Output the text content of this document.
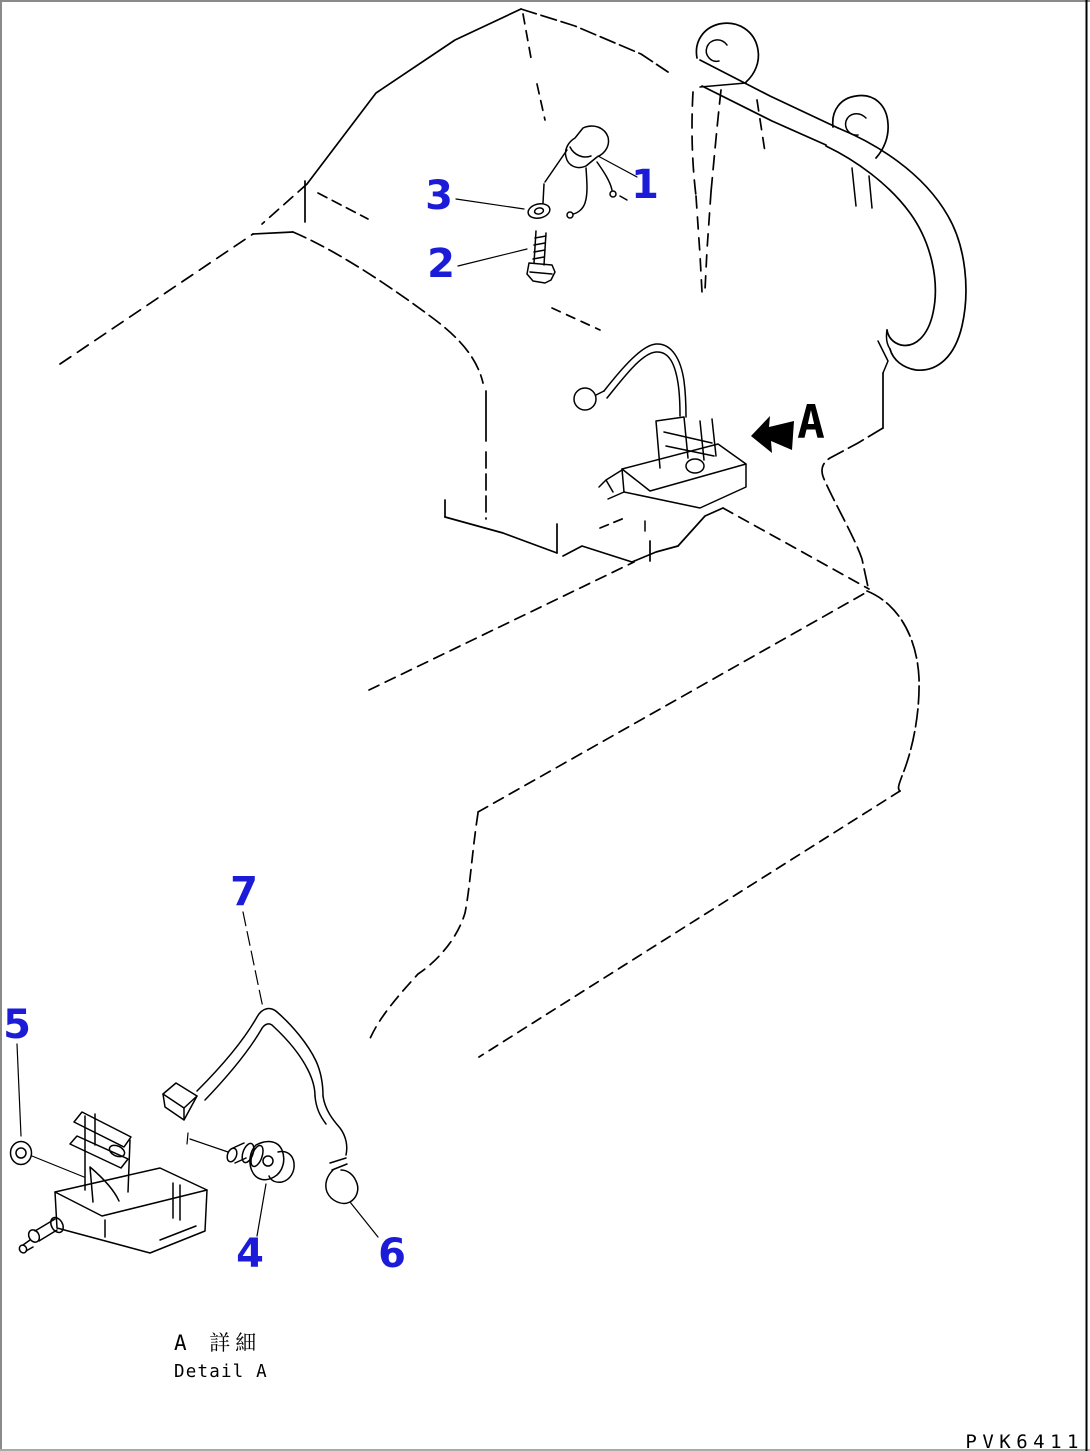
A
1
2
3
4
5
6
7
A 詳細
Detail A
PVK6411
